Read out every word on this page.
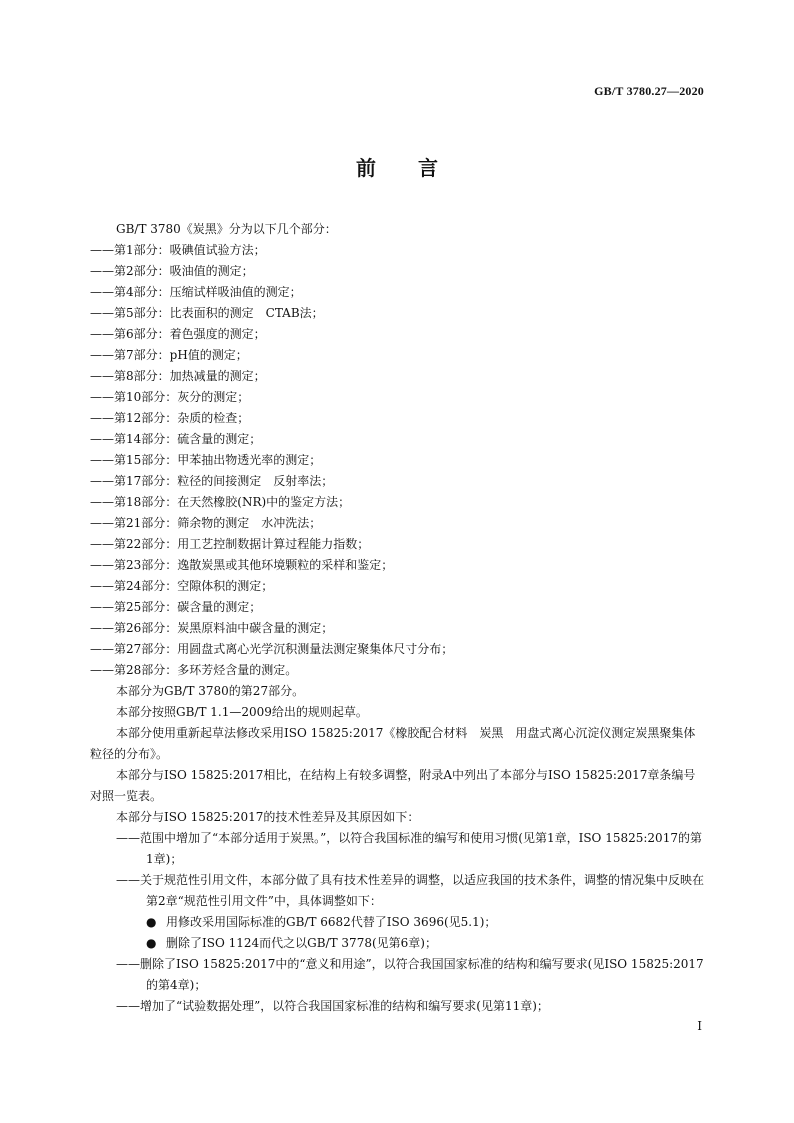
GB/T 3780.27—2020
前言
GB/T 3780《炭黑》分为以下几个部分：
——第1部分：吸碘值试验方法；
——第2部分：吸油值的测定；
——第4部分：压缩试样吸油值的测定；
——第5部分：比表面积的测定　CTAB法；
——第6部分：着色强度的测定；
——第7部分：pH值的测定；
——第8部分：加热减量的测定；
——第10部分：灰分的测定；
——第12部分：杂质的检查；
——第14部分：硫含量的测定；
——第15部分：甲苯抽出物透光率的测定；
——第17部分：粒径的间接测定　反射率法；
——第18部分：在天然橡胶(NR)中的鉴定方法；
——第21部分：筛余物的测定　水冲洗法；
——第22部分：用工艺控制数据计算过程能力指数；
——第23部分：逸散炭黑或其他环境颗粒的采样和鉴定；
——第24部分：空隙体积的测定；
——第25部分：碳含量的测定；
——第26部分：炭黑原料油中碳含量的测定；
——第27部分：用圆盘式离心光学沉积测量法测定聚集体尺寸分布；
——第28部分：多环芳烃含量的测定。
本部分为GB/T 3780的第27部分。
本部分按照GB/T 1.1—2009给出的规则起草。
本部分使用重新起草法修改采用ISO 15825:2017《橡胶配合材料　炭黑　用盘式离心沉淀仪测定炭黑聚集体粒径的分布》。
本部分与ISO 15825:2017相比，在结构上有较多调整，附录A中列出了本部分与ISO 15825:2017章条编号对照一览表。
本部分与ISO 15825:2017的技术性差异及其原因如下：
——范围中增加了“本部分适用于炭黑。”，以符合我国标准的编写和使用习惯(见第1章，ISO 15825:2017的第1章)；
——关于规范性引用文件，本部分做了具有技术性差异的调整，以适应我国的技术条件，调整的情况集中反映在第2章“规范性引用文件”中，具体调整如下：
● 用修改采用国际标准的GB/T 6682代替了ISO 3696(见5.1)；
● 删除了ISO 1124而代之以GB/T 3778(见第6章)；
——删除了ISO 15825:2017中的“意义和用途”，以符合我国国家标准的结构和编写要求(见ISO 15825:2017的第4章)；
——增加了“试验数据处理”，以符合我国国家标准的结构和编写要求(见第11章)；
I
